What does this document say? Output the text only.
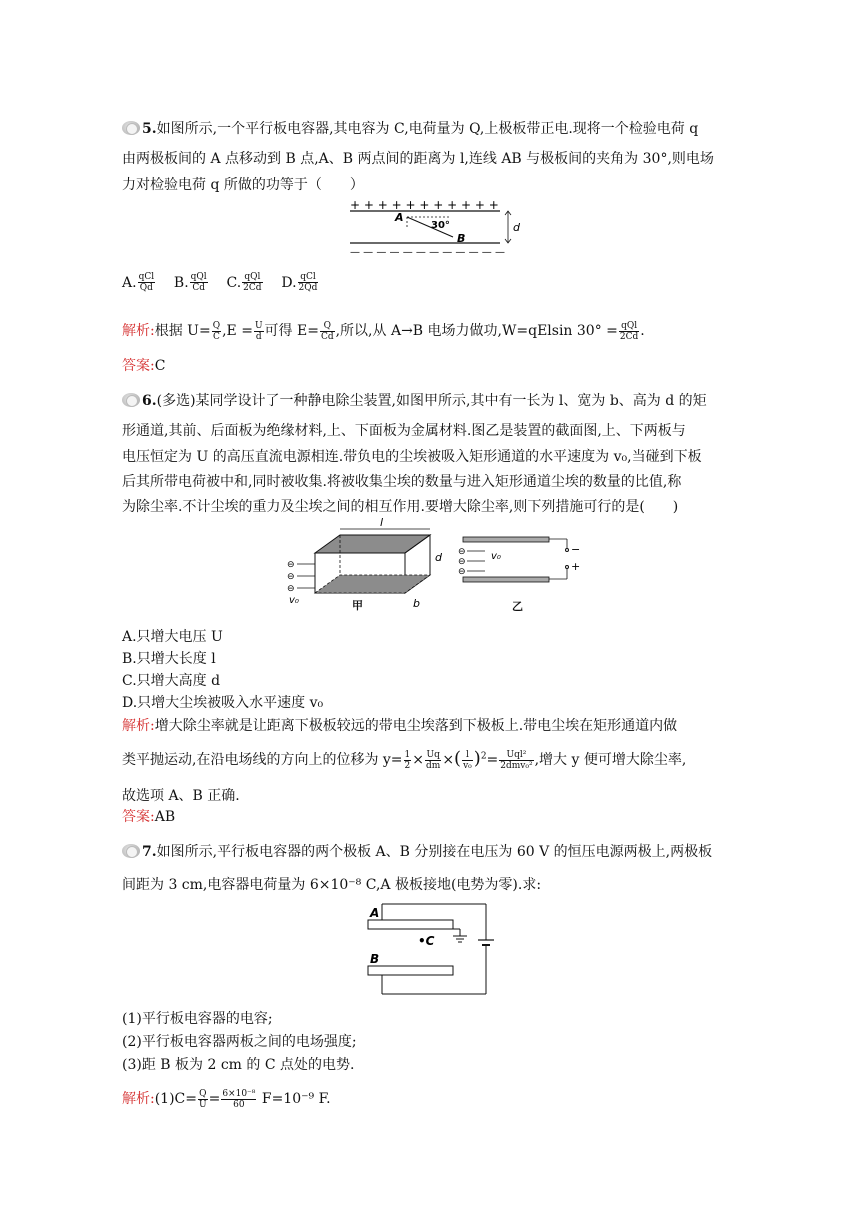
5.如图所示,一个平行板电容器,其电容为 C,电荷量为 Q,上极板带正电.现将一个检验电荷 q
由两极板间的 A 点移动到 B 点,A、B 两点间的距离为 l,连线 AB 与极板间的夹角为 30°,则电场
力对检验电荷 q 所做的功等于（　　）
+ + + + + + + + + + +
— — — — — — — — — — — —
A
30°
B
d
A. $\frac{\text{qCl}}{Qd} B$. $\frac{\text{qQl}}{Cd} C$. $\frac{\text{qQl}}{2Cd} D$. $\frac{\text{qCl}}{2Qd}$
解析:根据 $U= \frac{Q}{C} ,E = \frac{U}{d}$ 可得 $E= \frac{Q}{Cd}$ ,所以,从 A→B 电场力做功,W=qElsin $30^\circ = \frac{\text{qQl}}{2Cd}$ .
答案:C
6.(多选)某同学设计了一种静电除尘装置,如图甲所示,其中有一长为 l、宽为 b、高为 d 的矩
形通道,其前、后面板为绝缘材料,上、下面板为金属材料.图乙是装置的截面图,上、下两板与
电压恒定为 U 的高压直流电源相连.带负电的尘埃被吸入矩形通道的水平速度为 v₀,当碰到下板
后其所带电荷被中和,同时被收集.将被收集尘埃的数量与进入矩形通道尘埃的数量的比值,称
为除尘率.不计尘埃的重力及尘埃之间的相互作用.要增大除尘率,则下列措施可行的是(　　)
l
d
b
⊖
⊖
⊖
v₀	甲
−
+
⊖
⊖
⊖
v₀
乙
A.只增大电压 U
B.只增大长度 l
C.只增大高度 d
D.只增大尘埃被吸入水平速度 v₀
解析:增大除尘率就是让距离下极板较远的带电尘埃落到下极板上.带电尘埃在矩形通道内做
类平抛运动,在沿电场线的方向上的位移为 $y= \frac{1}{2} \times \frac{Uq}{dm}$ ×( $\frac{l}{\text{v₀}} )^2= \frac{\text{Uql²}}{\text{2dmv₀²}}$ ,增大 y 便可增大除尘率,
故选项 A、B 正确.
答案:AB
7.如图所示,平行板电容器的两个极板 A、B 分别接在电压为 60 V 的恒压电源两极上,两极板
间距为 3 cm,电容器电荷量为 6×10⁻⁸ C,A 极板接地(电势为零).求:
A
B
•C
(1)平行板电容器的电容;
(2)平行板电容器两板之间的电场强度;
(3)距 B 板为 2 cm 的 C 点处的电势.
解析:(1)C= $\frac{Q}{U} = \frac{\text{6×10⁻⁸}}{60} F=10^{-9}$ F.
